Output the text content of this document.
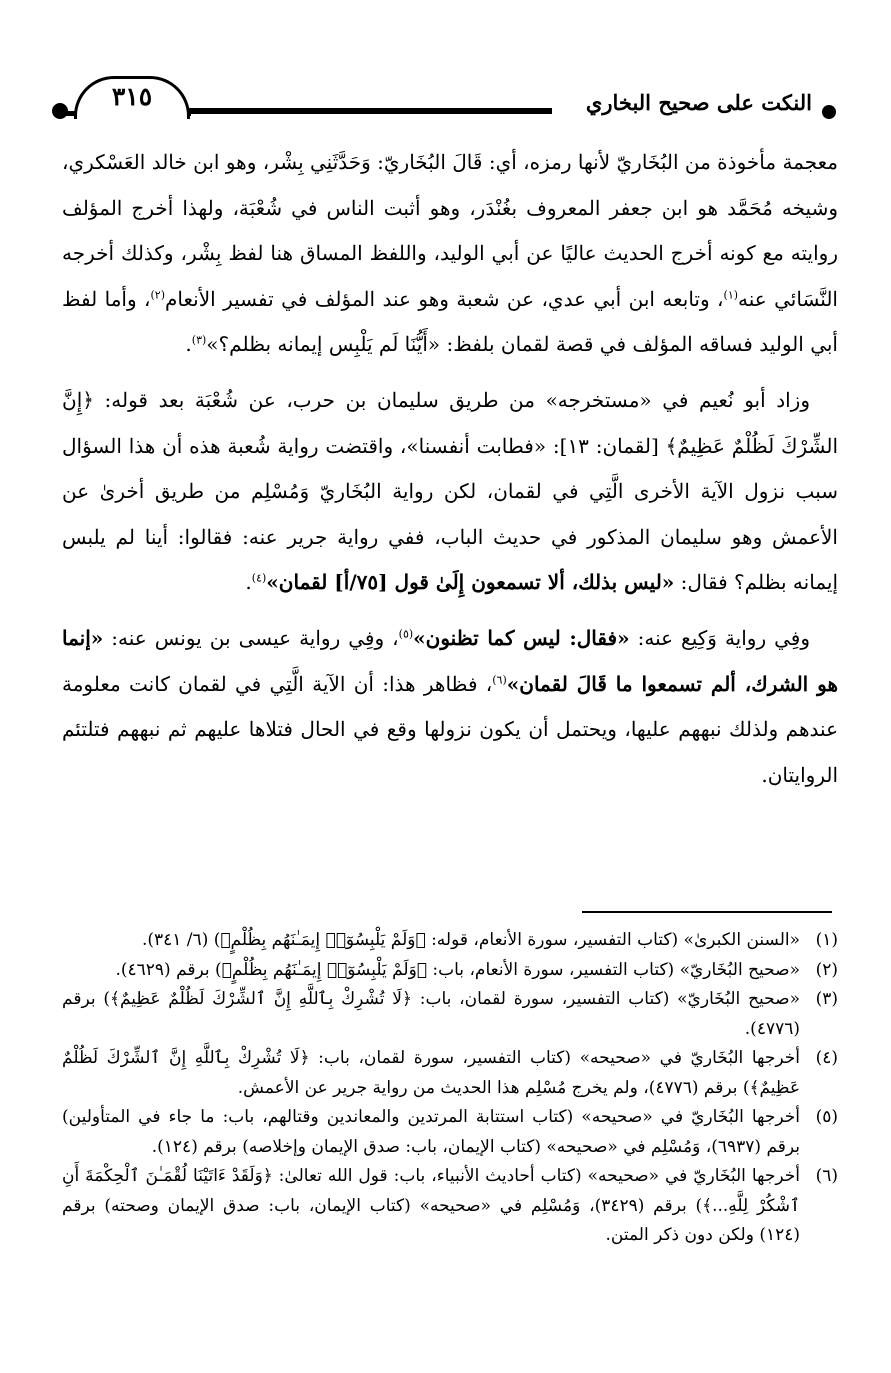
النكت على صحيح البخاري
٣١٥

معجمة مأخوذة من البُخَاريّ لأنها رمزه، أي: قَالَ البُخَاريّ: وَحَدَّثَنِي بِشْر، وهو ابن خالد العَسْكري، وشيخه مُحَمَّد هو ابن جعفر المعروف بغُنْدَر، وهو أثبت الناس في شُعْبَة، ولهذا أخرج المؤلف روايته مع كونه أخرج الحديث عاليًا عن أبي الوليد، واللفظ المساق هنا لفظ بِشْر، وكذلك أخرجه النَّسَائي عنه$^{(١)}$، وتابعه ابن أبي عدي، عن شعبة وهو عند المؤلف في تفسير الأنعام$^{(٢)}$، وأما لفظ أبي الوليد فساقه المؤلف في قصة لقمان بلفظ: «أَيُّنَا لَم يَلْبِس إيمانه بظلم؟»$^{(٣)}$.

وزاد أبو نُعيم في «مستخرجه» من طريق سليمان بن حرب، عن شُعْبَة بعد قوله: ﴿إِنَّ الشِّرْكَ لَظُلْمٌ عَظِيمٌ﴾ [لقمان: ١٣]: «فطابت أنفسنا»، واقتضت رواية شُعبة هذه أن هذا السؤال سبب نزول الآية الأخرى الَّتِي في لقمان، لكن رواية البُخَاريّ وَمُسْلِم من طريق أخرىٰ عن الأعمش وهو سليمان المذكور في حديث الباب، ففي رواية جرير عنه: فقالوا: أينا لم يلبس إيمانه بظلم؟ فقال: «ليس بذلك، ألا تسمعون إِلَىٰ قول [٧٥/أ] لقمان»$^{(٤)}$.

وفِي رواية وَكِيع عنه: «فقال: ليس كما تظنون»$^{(٥)}$، وفِي رواية عيسى بن يونس عنه: «إنما هو الشرك، ألم تسمعوا ما قَالَ لقمان»$^{(٦)}$، فظاهر هذا: أن الآية الَّتِي في لقمان كانت معلومة عندهم ولذلك نبههم عليها، ويحتمل أن يكون نزولها وقع في الحال فتلاها عليهم ثم نبههم فتلتئم الروايتان.

(١)
«السنن الكبرىٰ» (كتاب التفسير، سورة الأنعام، قوله: ﴿وَلَمْ يَلْبِسُوٓا۟ إِيمَـٰنَهُم بِظُلْمٍ﴾) (٦/ ٣٤١).
(٢)
«صحيح البُخَاريّ» (كتاب التفسير، سورة الأنعام، باب: ﴿وَلَمْ يَلْبِسُوٓا۟ إِيمَـٰنَهُم بِظُلْمٍ﴾) برقم (٤٦٢٩).
(٣)
«صحيح البُخَاريّ» (كتاب التفسير، سورة لقمان، باب: ﴿لَا تُشْرِكْ بِٱللَّهِ إِنَّ ٱلشِّرْكَ لَظُلْمٌ عَظِيمٌ﴾) برقم (٤٧٧٦).
(٤)
أخرجها البُخَاريّ في «صحيحه» (كتاب التفسير، سورة لقمان، باب: ﴿لَا تُشْرِكْ بِٱللَّهِ إِنَّ ٱلشِّرْكَ لَظُلْمٌ عَظِيمٌ﴾) برقم (٤٧٧٦)، ولم يخرج مُسْلِم هذا الحديث من رواية جرير عن الأعمش.
(٥)
أخرجها البُخَاريّ في «صحيحه» (كتاب استتابة المرتدين والمعاندين وقتالهم، باب: ما جاء في المتأولين) برقم (٦٩٣٧)، وَمُسْلِم في «صحيحه» (كتاب الإيمان، باب: صدق الإيمان وإخلاصه) برقم (١٢٤).
(٦)
أخرجها البُخَاريّ في «صحيحه» (كتاب أحاديث الأنبياء، باب: قول الله تعالىٰ: ﴿وَلَقَدْ ءَاتَيْنَا لُقْمَـٰنَ ٱلْحِكْمَةَ أَنِ ٱشْكُرْ لِلَّهِ...﴾) برقم (٣٤٢٩)، وَمُسْلِم في «صحيحه» (كتاب الإيمان، باب: صدق الإيمان وصحته) برقم (١٢٤) ولكن دون ذكر المتن.
